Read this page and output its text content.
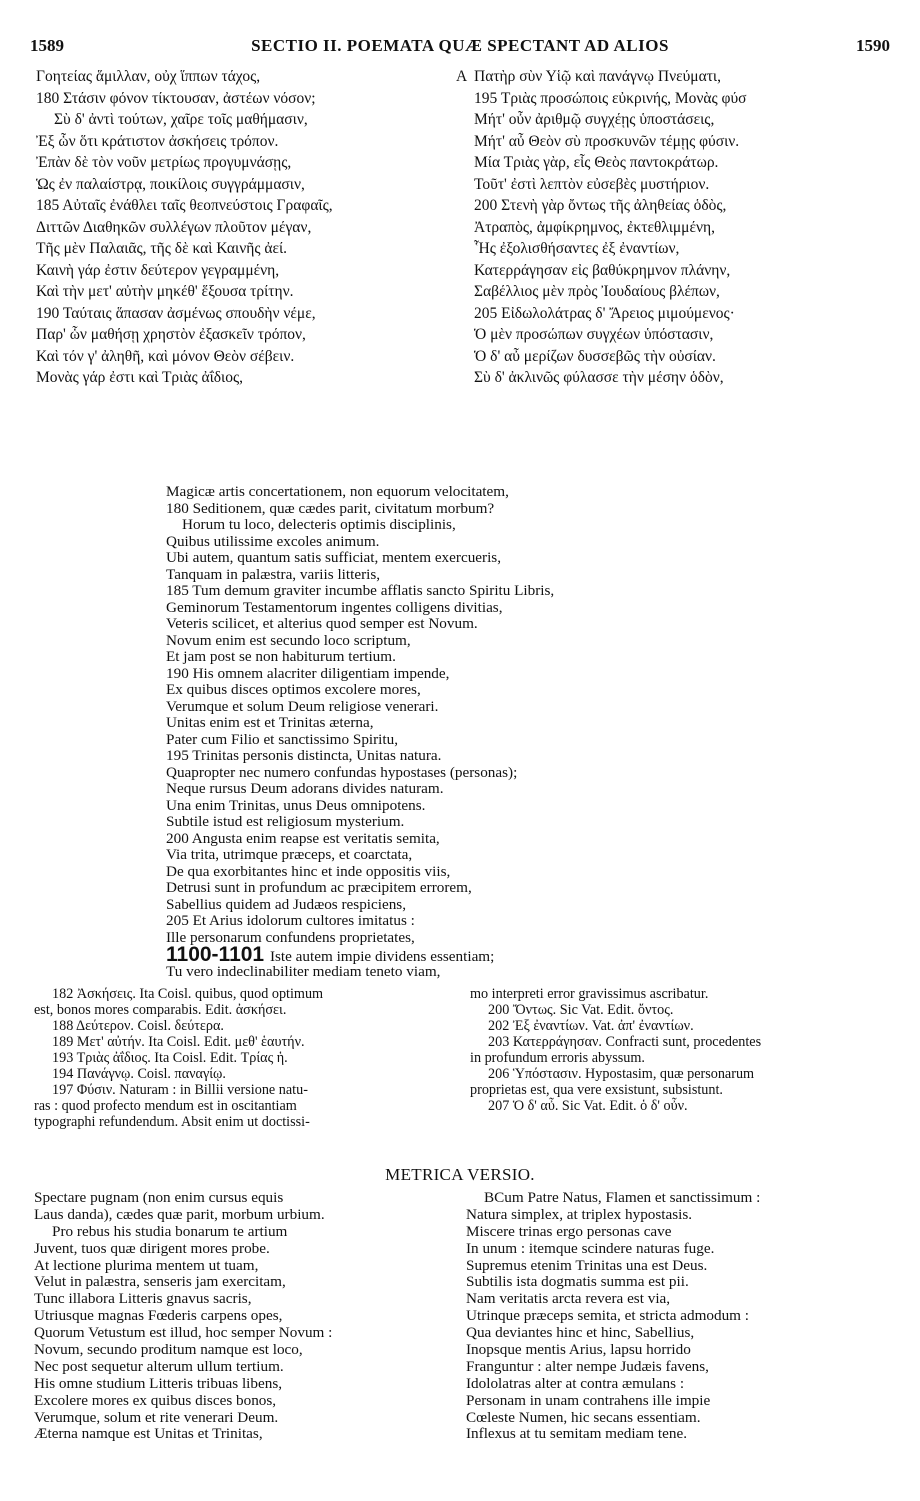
1589	SECTIO II. POEMATA QUÆ SPECTANT AD ALIOS	1590
Γοητείας ἅμιλλαν, οὐχ ἵππων τάχος,
180 Στάσιν φόνον τίκτουσαν, ἀστέων νόσον;
Σὺ δ' ἀντὶ τούτων, χαῖρε τοῖς μαθήμασιν,
Ἐξ ὧν ὅτι κράτιστον ἀσκήσεις τρόπον.
Ἐπὰν δὲ τὸν νοῦν μετρίως προγυμνάσῃς,
Ὡς ἐν παλαίστρᾳ, ποικίλοις συγγράμμασιν,
185 Αὐταῖς ἐνάθλει ταῖς θεοπνεύστοις Γραφαῖς,
Διττῶν Διαθηκῶν συλλέγων πλοῦτον μέγαν,
Τῆς μὲν Παλαιᾶς, τῆς δὲ καὶ Καινῆς ἀεί.
Καινὴ γάρ ἐστιν δεύτερον γεγραμμένη,
Καὶ τὴν μετ' αὐτὴν μηκέθ' ἕξουσα τρίτην.
190 Ταύταις ἅπασαν ἀσμένως σπουδὴν νέμε,
Παρ' ὧν μαθήσῃ χρηστὸν ἐξασκεῖν τρόπον,
Καὶ τόν γ' ἀληθῆ, καὶ μόνον Θεὸν σέβειν.
Μονὰς γάρ ἐστι καὶ Τριὰς ἀΐδιος,
A Πατὴρ σὺν Υἱῷ καὶ πανάγνῳ Πνεύματι,
195 Τριὰς προσώποις εὐκρινής, Μονὰς φύσ
Μήτ' οὖν ἀριθμῷ συγχέῃς ὑποστάσεις,
Μήτ' αὖ Θεὸν σὺ προσκυνῶν τέμῃς φύσιν.
Μία Τριὰς γὰρ, εἷς Θεὸς παντοκράτωρ.
Τοῦτ' ἐστὶ λεπτὸν εὐσεβὲς μυστήριον.
200 Στενὴ γὰρ ὄντως τῆς ἀληθείας ὁδὸς,
Ἀτραπὸς, ἀμφίκρημνος, ἐκτεθλιμμένη,
Ἧς ἐξολισθήσαντες ἐξ ἐναντίων,
Κατερράγησαν εἰς βαθύκρημνον πλάνην,
Σαβέλλιος μὲν πρὸς Ἰουδαίους βλέπων,
205 Εἰδωλολάτρας δ' Ἄρειος μιμούμενος·
Ὁ μὲν προσώπων συγχέων ὑπόστασιν,
Ὁ δ' αὖ μερίζων δυσσεβῶς τὴν οὐσίαν.
Σὺ δ' ἀκλινῶς φύλασσε τὴν μέσην ὁδὸν,
Magicæ artis concertationem, non equorum velocitatem,
180 Seditionem, quæ cædes parit, civitatum morbum?
Horum tu loco, delecteris optimis disciplinis,
Quibus utilissime excoles animum.
Ubi autem, quantum satis sufficiat, mentem exercueris,
Tanquam in palæstra, variis litteris,
185 Tum demum graviter incumbe afflatis sancto Spiritu Libris,
Geminorum Testamentorum ingentes colligens divitias,
Veteris scilicet, et alterius quod semper est Novum.
Novum enim est secundo loco scriptum,
Et jam post se non habiturum tertium.
190 His omnem alacriter diligentiam impende,
Ex quibus disces optimos excolere mores,
Verumque et solum Deum religiose venerari.
Unitas enim est et Trinitas æterna,
Pater cum Filio et sanctissimo Spiritu,
195 Trinitas personis distincta, Unitas natura.
Quapropter nec numero confundas hypostases (personas);
Neque rursus Deum adorans divides naturam.
Una enim Trinitas, unus Deus omnipotens.
Subtile istud est religiosum mysterium.
200 Angusta enim reapse est veritatis semita,
Via trita, utrimque præceps, et coarctata,
De qua exorbitantes hinc et inde oppositis viis,
Detrusi sunt in profundum ac præcipitem errorem,
Sabellius quidem ad Judæos respiciens,
205 Et Arius idolorum cultores imitatus :
Ille personarum confundens proprietates,
1100-1101 Iste autem impie dividens essentiam;
Tu vero indeclinabiliter mediam teneto viam,
182 Ἀσκήσεις. Ita Coisl. quibus, quod optimum
est, bonos mores comparabis. Edit. ἀσκήσει.
188 Δεύτερον. Coisl. δεύτερα.
189 Μετ' αὐτήν. Ita Coisl. Edit. μεθ' ἑαυτήν.
193 Τριὰς ἀΐδιος. Ita Coisl. Edit. Τρίας ἡ.
194 Πανάγνῳ. Coisl. παναγίῳ.
197 Φύσιν. Naturam : in Billii versione natu-
ras : quod profecto mendum est in oscitantiam
typographi refundendum. Absit enim ut doctissi-
mo interpreti error gravissimus ascribatur.
200 Ὄντως. Sic Vat. Edit. ὄντος.
202 Ἐξ ἐναντίων. Vat. ἀπ' ἐναντίων.
203 Κατερράγησαν. Confracti sunt, procedentes
in profundum erroris abyssum.
206 Ὑπόστασιν. Hypostasim, quæ personarum
proprietas est, qua vere exsistunt, subsistunt.
207 Ὁ δ' αὖ. Sic Vat. Edit. ὁ δ' οὖν.
METRICA VERSIO.
Spectare pugnam (non enim cursus equis
Laus danda), cædes quæ parit, morbum urbium.
Pro rebus his studia bonarum te artium
Juvent, tuos quæ dirigent mores probe.
At lectione plurima mentem ut tuam,
Velut in palæstra, senseris jam exercitam,
Tunc illabora Litteris gnavus sacris,
Utriusque magnas Fœderis carpens opes,
Quorum Vetustum est illud, hoc semper Novum :
Novum, secundo proditum namque est loco,
Nec post sequetur alterum ullum tertium.
His omne studium Litteris tribuas libens,
Excolere mores ex quibus disces bonos,
Verumque, solum et rite venerari Deum.
Æterna namque est Unitas et Trinitas,
BCum Patre Natus, Flamen et sanctissimum :
Natura simplex, at triplex hypostasis.
Miscere trinas ergo personas cave
In unum : itemque scindere naturas fuge.
Supremus etenim Trinitas una est Deus.
Subtilis ista dogmatis summa est pii.
Nam veritatis arcta revera est via,
Utrinque præceps semita, et stricta admodum :
Qua deviantes hinc et hinc, Sabellius,
Inopsque mentis Arius, lapsu horrido
Franguntur : alter nempe Judæis favens,
Idololatras alter at contra æmulans :
Personam in unam contrahens ille impie
Cœleste Numen, hic secans essentiam.
Inflexus at tu semitam mediam tene.
